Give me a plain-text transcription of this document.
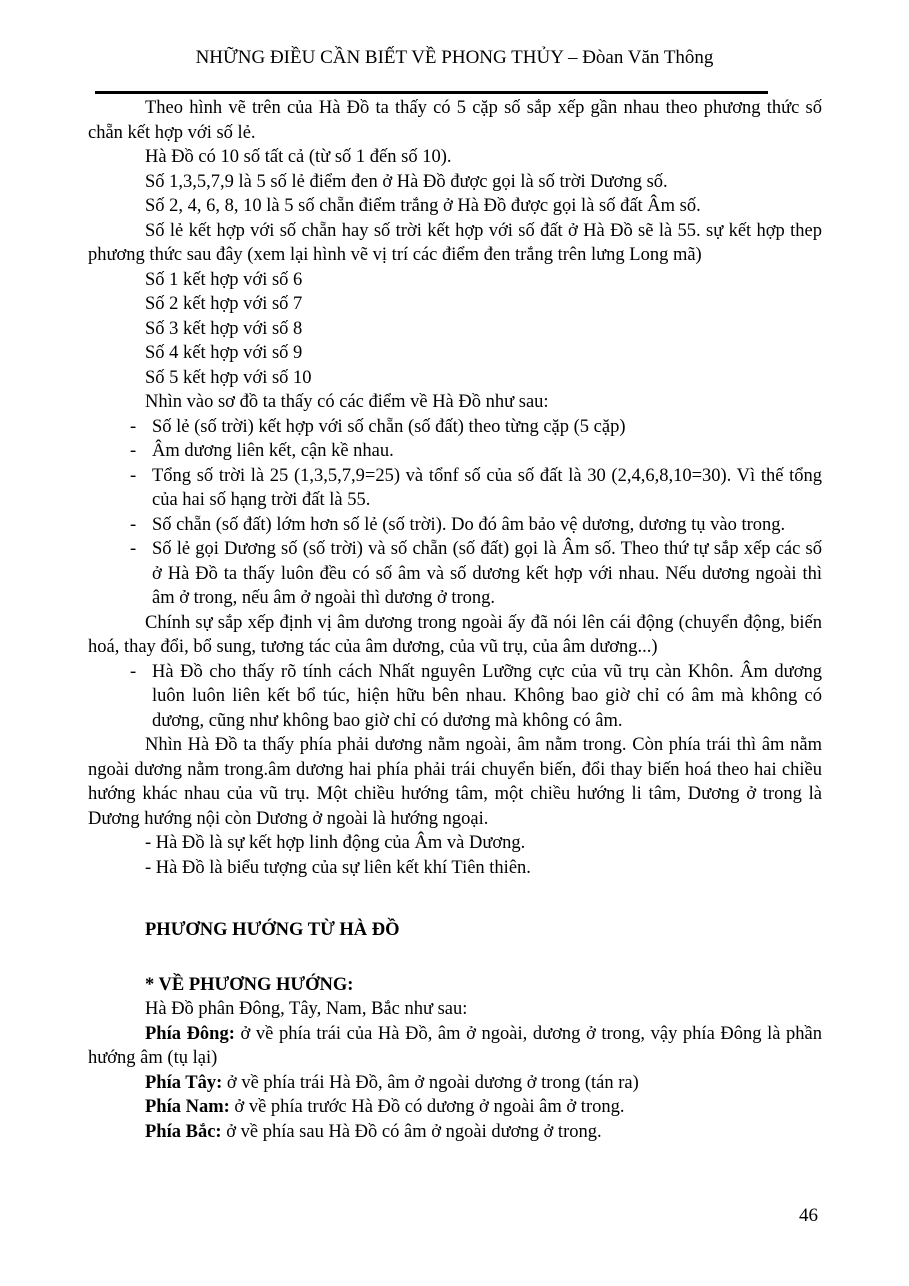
NHỮNG ĐIỀU CẦN BIẾT VỀ PHONG THỦY – Đòan Văn Thông

Theo hình vẽ trên của Hà Đồ ta thấy có 5 cặp số sắp xếp gần nhau theo phương thức số chẵn kết hợp với số lẻ.

Hà Đồ có 10 số tất cả (từ số 1 đến số 10).

Số 1,3,5,7,9 là 5 số lẻ điểm đen ở Hà Đồ được gọi là số trời Dương số.

Số 2, 4, 6, 8, 10 là 5 số chẵn điểm trắng ở Hà Đồ được gọi là số đất Âm số.

Số lẻ kết hợp với số chẵn hay số trời kết hợp với số đất ở Hà Đồ sẽ là 55. sự kết hợp thep phương thức sau đây (xem lại hình vẽ vị trí các điểm đen trắng trên lưng Long mã)

Số 1 kết hợp với số 6

Số 2 kết hợp với số 7

Số 3 kết hợp với số 8

Số 4 kết hợp với số 9

Số 5 kết hợp với số 10

Nhìn vào sơ đồ ta thấy có các điểm về Hà Đồ như sau:

- Số lẻ (số trời) kết hợp với số chẵn (số đất) theo từng cặp (5 cặp)
- Âm dương liên kết, cận kề nhau.
- Tổng số trời là 25 (1,3,5,7,9=25) và tổnf số của số đất là 30 (2,4,6,8,10=30). Vì thế tổng của hai số hạng trời đất là 55.
- Số chẵn (số đất) lớm hơn số lẻ (số trời). Do đó âm bảo vệ dương, dương tụ vào trong.
- Số lẻ gọi Dương số (số trời) và số chẵn (số đất) gọi là Âm số. Theo thứ tự sắp xếp các số ở Hà Đồ ta thấy luôn đều có số âm và số dương kết hợp với nhau. Nếu dương ngoài thì âm ở trong, nếu âm ở ngoài thì dương ở trong.

Chính sự sắp xếp định vị âm dương trong ngoài ấy đã nói lên cái động (chuyển động, biến hoá, thay đổi, bổ sung, tương tác của âm dương, của vũ trụ, của âm dương...)

- Hà Đồ cho thấy rõ tính cách Nhất nguyên Lưỡng cực của vũ trụ càn Khôn. Âm dương luôn luôn liên kết bổ túc, hiện hữu bên nhau. Không bao giờ chỉ có âm mà không có dương, cũng như không bao giờ chỉ có dương mà không có âm.

Nhìn Hà Đồ ta thấy phía phải dương nằm ngoài, âm nằm trong. Còn phía trái thì âm nằm ngoài dương nằm trong.âm dương hai phía phải trái chuyển biến, đổi thay biến hoá theo hai chiều hướng khác nhau của vũ trụ. Một chiều hướng tâm, một chiều hướng li tâm, Dương ở trong là Dương hướng nội còn Dương ở ngoài là hướng ngoại.

- Hà Đồ là sự kết hợp linh động của Âm và Dương.

- Hà Đồ là biểu tượng của sự liên kết khí Tiên thiên.

PHƯƠNG HƯỚNG TỪ HÀ ĐỒ

* VỀ PHƯƠNG HƯỚNG:

Hà Đồ phân Đông, Tây, Nam, Bắc như sau:

Phía Đông: ở về phía trái của Hà Đồ, âm ở ngoài, dương ở trong, vậy phía Đông là phần hướng âm (tụ lại)

Phía Tây: ở về phía trái Hà Đồ, âm ở ngoài dương ở trong (tán ra)

Phía Nam: ở về phía trước Hà Đồ có dương ở ngoài âm ở trong.

Phía Bắc: ở về phía sau Hà Đồ có âm ở ngoài dương ở trong.

46
